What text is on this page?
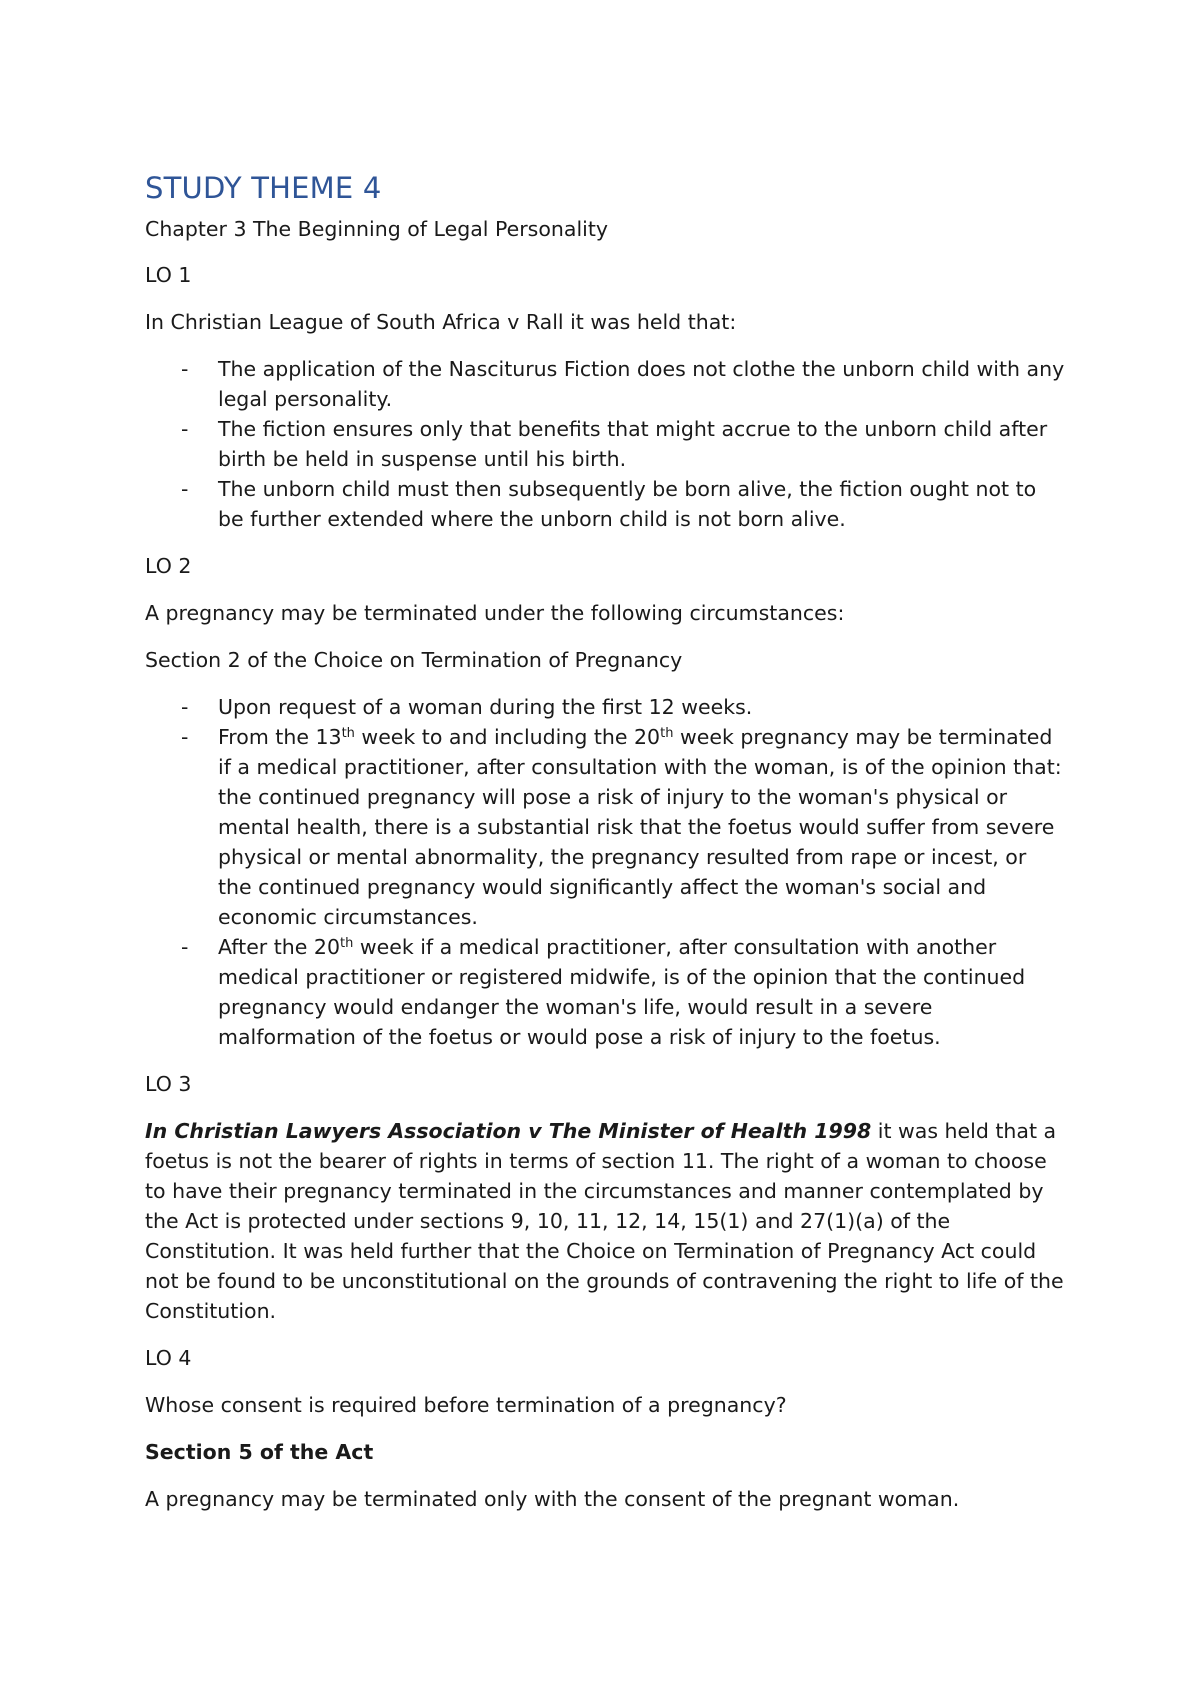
STUDY THEME 4

Chapter 3 The Beginning of Legal Personality

LO 1

In Christian League of South Africa v Rall it was held that:

- The application of the Nasciturus Fiction does not clothe the unborn child with any legal personality.
- The fiction ensures only that benefits that might accrue to the unborn child after birth be held in suspense until his birth.
- The unborn child must then subsequently be born alive, the fiction ought not to be further extended where the unborn child is not born alive.

LO 2

A pregnancy may be terminated under the following circumstances:

Section 2 of the Choice on Termination of Pregnancy

- Upon request of a woman during the first 12 weeks.
- From the 13th week to and including the 20th week pregnancy may be terminated if a medical practitioner, after consultation with the woman, is of the opinion that: the continued pregnancy will pose a risk of injury to the woman's physical or mental health, there is a substantial risk that the foetus would suffer from severe physical or mental abnormality, the pregnancy resulted from rape or incest, or the continued pregnancy would significantly affect the woman's social and economic circumstances.
- After the 20th week if a medical practitioner, after consultation with another medical practitioner or registered midwife, is of the opinion that the continued pregnancy would endanger the woman's life, would result in a severe malformation of the foetus or would pose a risk of injury to the foetus.

LO 3

In Christian Lawyers Association v The Minister of Health 1998 it was held that a foetus is not the bearer of rights in terms of section 11. The right of a woman to choose to have their pregnancy terminated in the circumstances and manner contemplated by the Act is protected under sections 9, 10, 11, 12, 14, 15(1) and 27(1)(a) of the Constitution. It was held further that the Choice on Termination of Pregnancy Act could not be found to be unconstitutional on the grounds of contravening the right to life of the Constitution.

LO 4

Whose consent is required before termination of a pregnancy?

Section 5 of the Act

A pregnancy may be terminated only with the consent of the pregnant woman.
